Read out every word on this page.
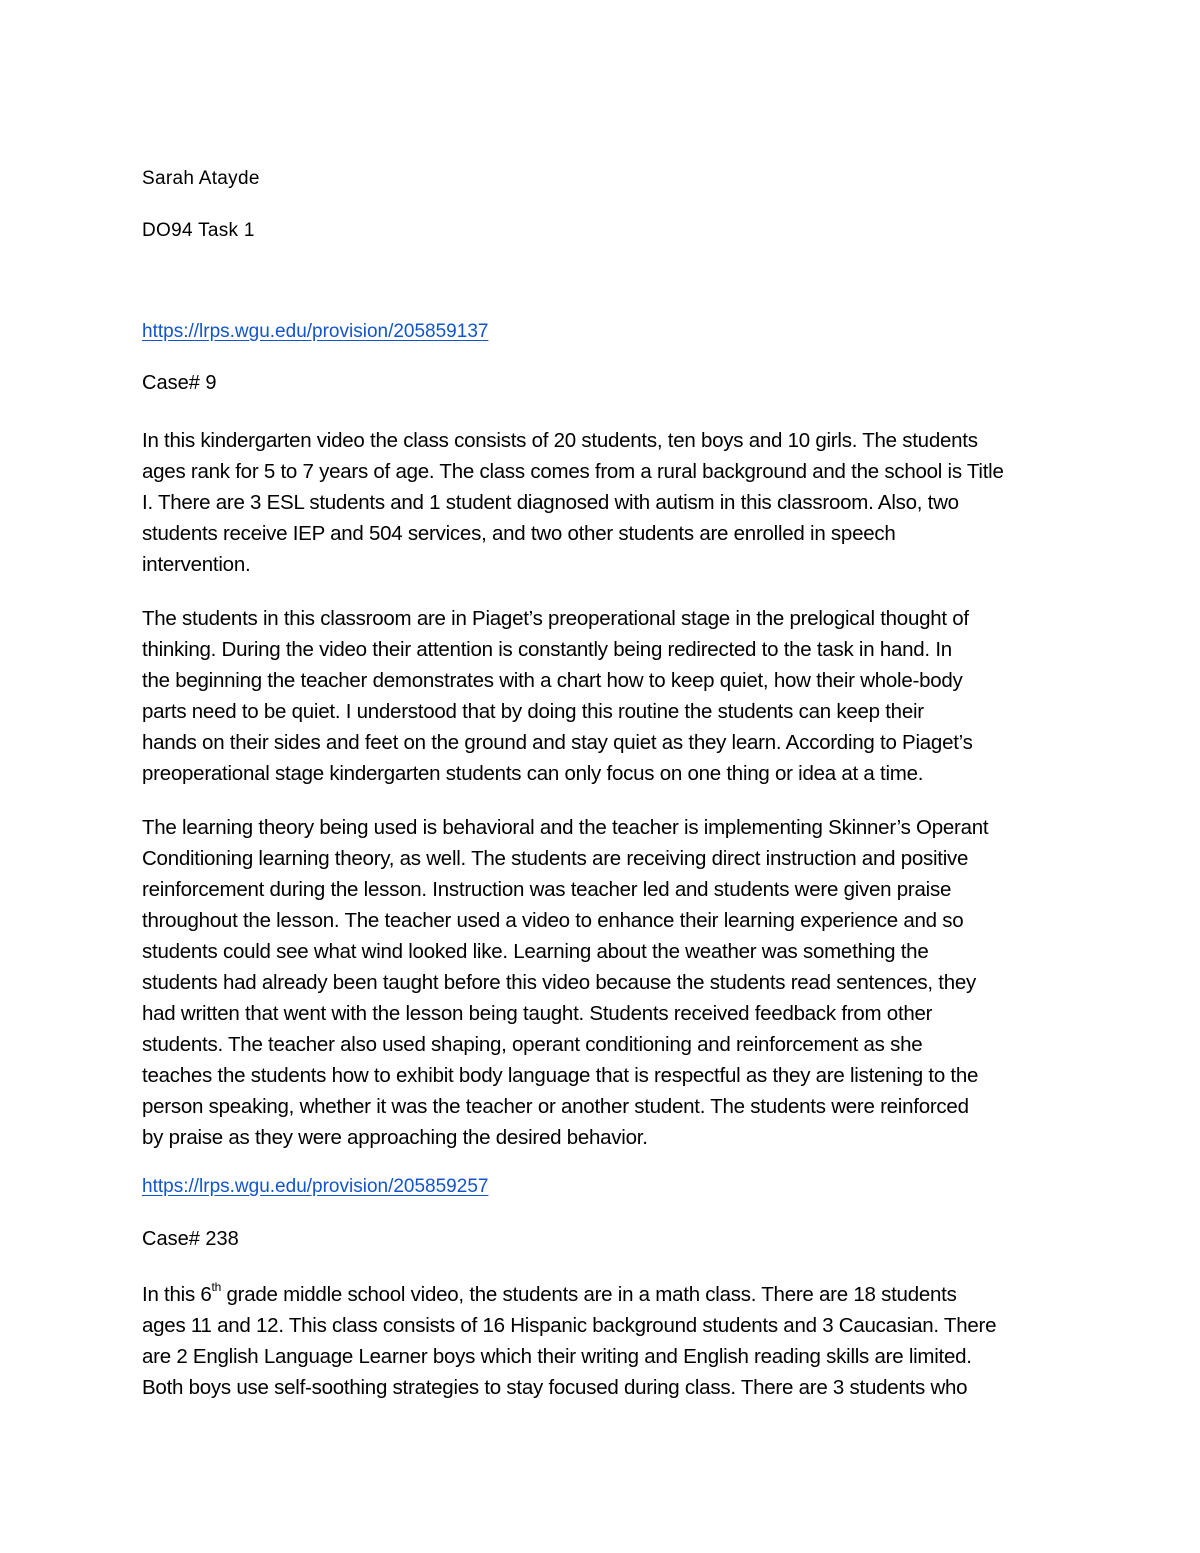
Sarah Atayde

DO94 Task 1

https://lrps.wgu.edu/provision/205859137

Case# 9

In this kindergarten video the class consists of 20 students, ten boys and 10 girls. The students
ages rank for 5 to 7 years of age. The class comes from a rural background and the school is Title
I. There are 3 ESL students and 1 student diagnosed with autism in this classroom. Also, two
students receive IEP and 504 services, and two other students are enrolled in speech
intervention.

The students in this classroom are in Piaget’s preoperational stage in the prelogical thought of
thinking. During the video their attention is constantly being redirected to the task in hand. In
the beginning the teacher demonstrates with a chart how to keep quiet, how their whole-body
parts need to be quiet. I understood that by doing this routine the students can keep their
hands on their sides and feet on the ground and stay quiet as they learn. According to Piaget’s
preoperational stage kindergarten students can only focus on one thing or idea at a time.

The learning theory being used is behavioral and the teacher is implementing Skinner’s Operant
Conditioning learning theory, as well. The students are receiving direct instruction and positive
reinforcement during the lesson. Instruction was teacher led and students were given praise
throughout the lesson. The teacher used a video to enhance their learning experience and so
students could see what wind looked like. Learning about the weather was something the
students had already been taught before this video because the students read sentences, they
had written that went with the lesson being taught. Students received feedback from other
students. The teacher also used shaping, operant conditioning and reinforcement as she
teaches the students how to exhibit body language that is respectful as they are listening to the
person speaking, whether it was the teacher or another student. The students were reinforced
by praise as they were approaching the desired behavior.

https://lrps.wgu.edu/provision/205859257

Case# 238

In this 6th grade middle school video, the students are in a math class. There are 18 students
ages 11 and 12. This class consists of 16 Hispanic background students and 3 Caucasian. There
are 2 English Language Learner boys which their writing and English reading skills are limited.
Both boys use self-soothing strategies to stay focused during class. There are 3 students who
